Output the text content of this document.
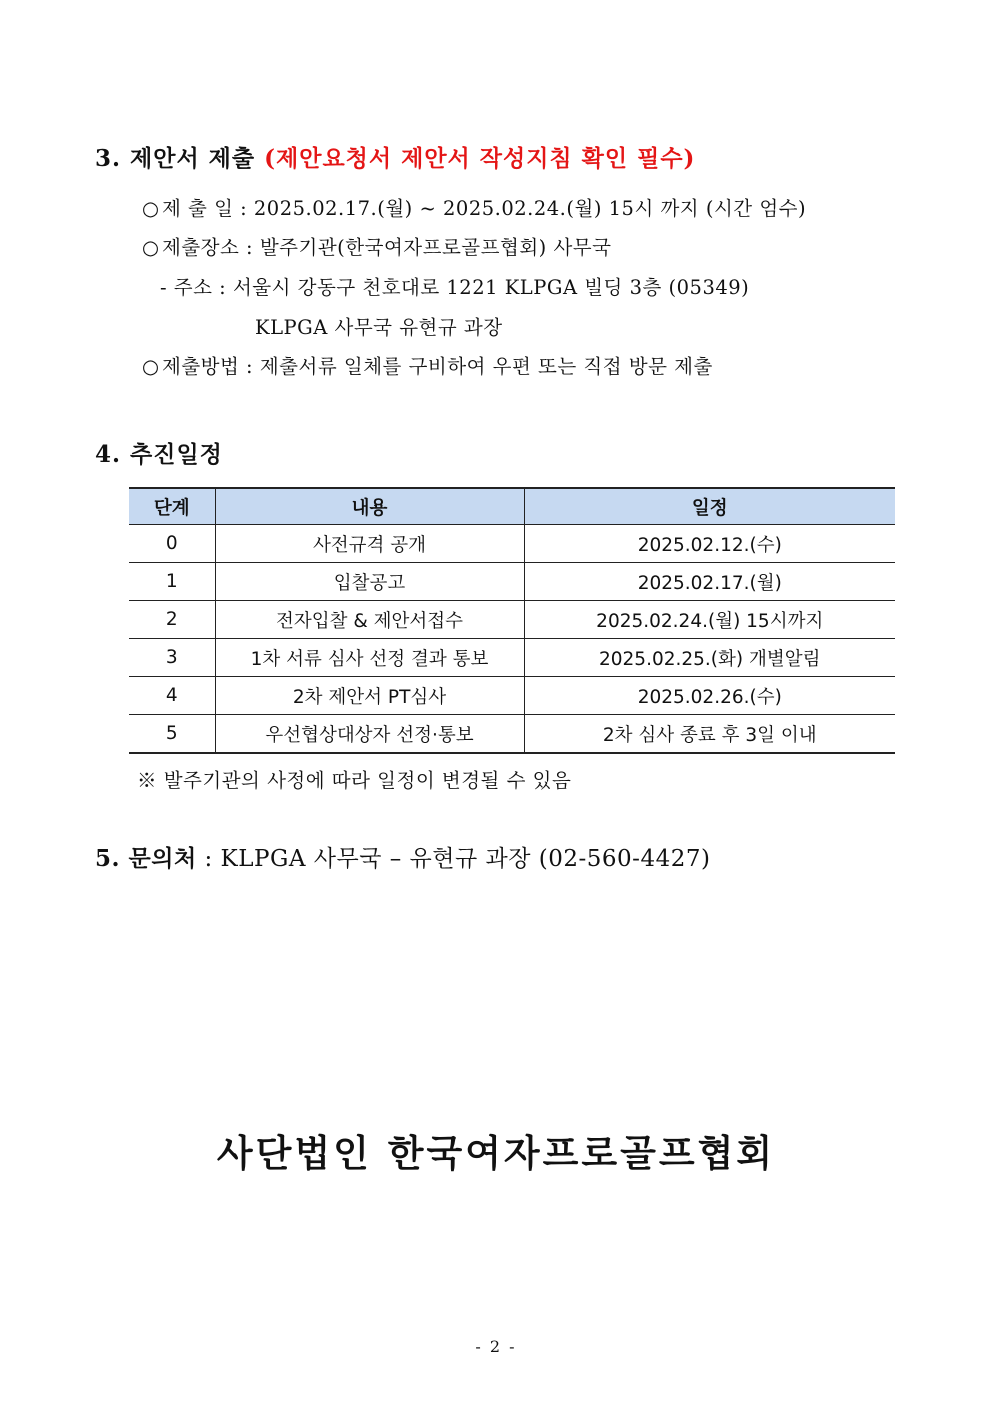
3. 제안서 제출 (제안요청서 제안서 작성지침 확인 필수)
○ 제 출 일 : 2025.02.17.(월) ~ 2025.02.24.(월) 15시 까지 (시간 엄수)
○ 제출장소 : 발주기관(한국여자프로골프협회) 사무국
- 주소 : 서울시 강동구 천호대로 1221 KLPGA 빌딩 3층 (05349)
KLPGA 사무국 유현규 과장
○ 제출방법 : 제출서류 일체를 구비하여 우편 또는 직접 방문 제출
4. 추진일정
단계	내용	일정
0	사전규격 공개	2025.02.12.(수)
1	입찰공고	2025.02.17.(월)
2	전자입찰 & 제안서접수	2025.02.24.(월) 15시까지
3	1차 서류 심사 선정 결과 통보	2025.02.25.(화) 개별알림
4	2차 제안서 PT심사	2025.02.26.(수)
5	우선협상대상자 선정·통보	2차 심사 종료 후 3일 이내
※ 발주기관의 사정에 따라 일정이 변경될 수 있음
5. 문의처 : KLPGA 사무국 – 유현규 과장 (02-560-4427)
사단법인 한국여자프로골프협회
- 2 -
